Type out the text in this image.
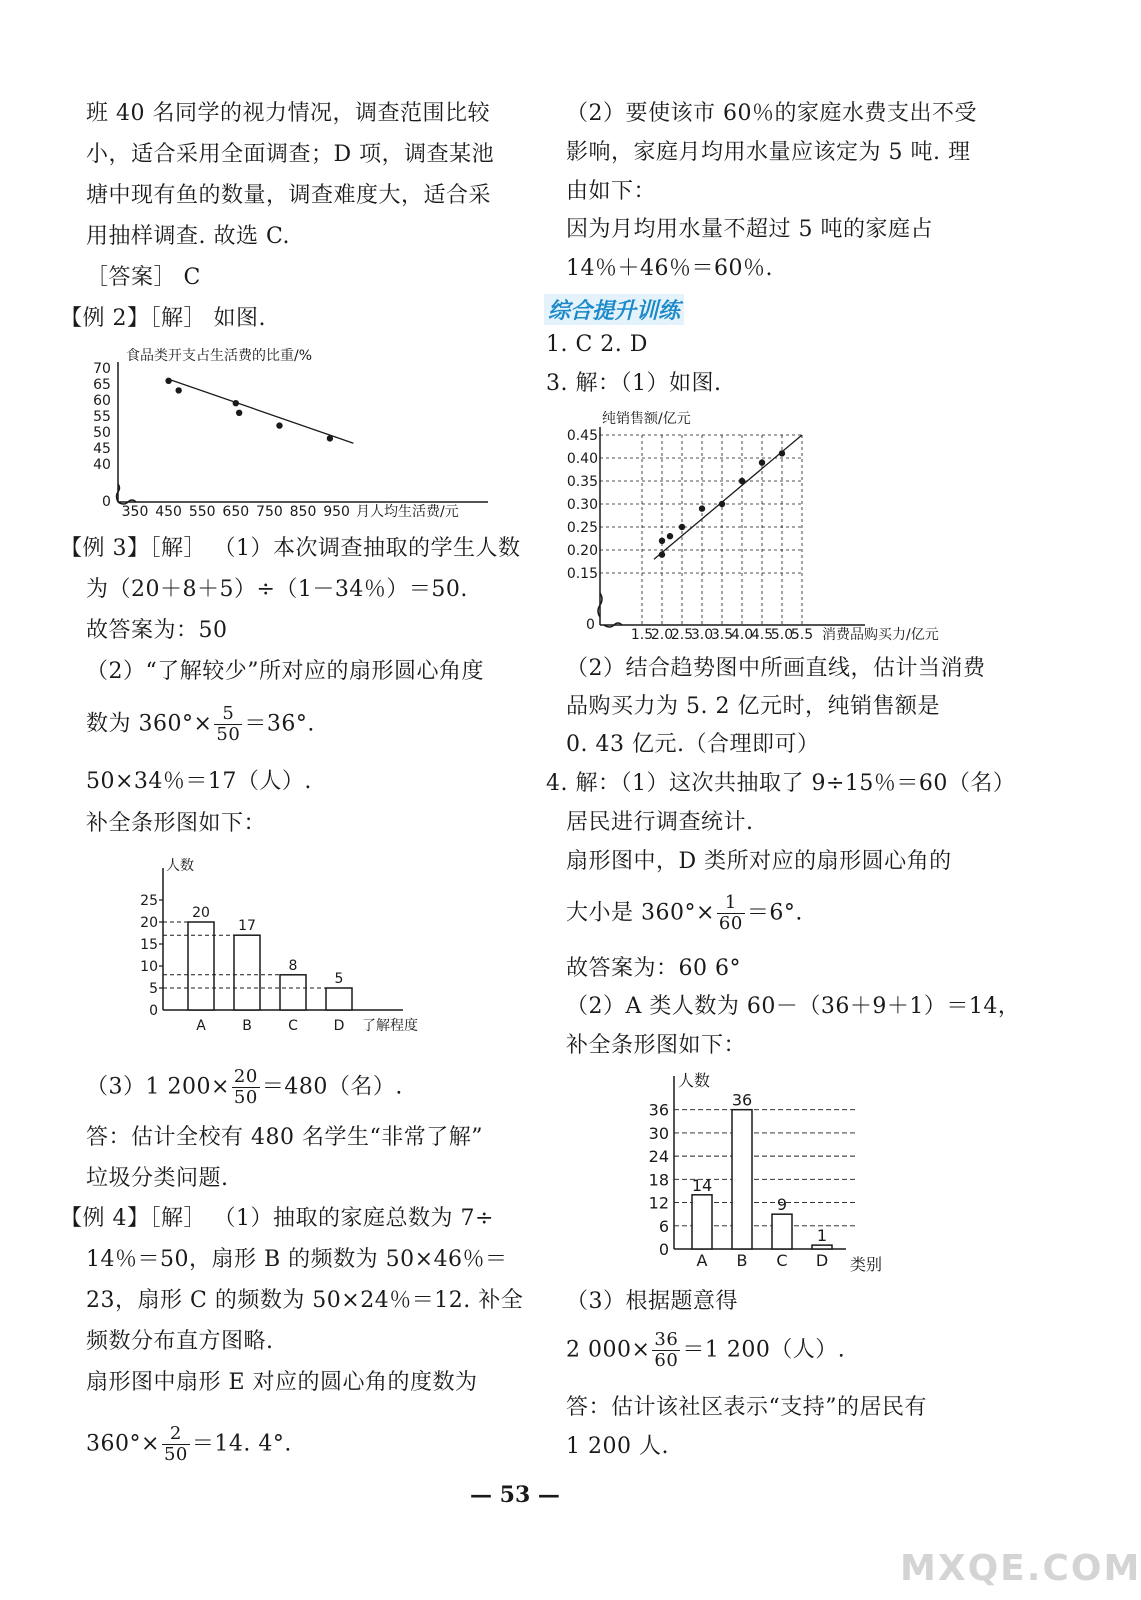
班 40 名同学的视力情况，调查范围比较
小，适合采用全面调查；D 项，调查某池
塘中现有鱼的数量，调查难度大，适合采
用抽样调查. 故选 C.
［答案］ C
【例 2】［解］ 如图.
0
40
45
50
55
60
65
70
350 450 550 650 750 850 950
食品类开支占生活费的比重/%
月人均生活费/元
【例 3】［解］ （1）本次调查抽取的学生人数
为（20＋8＋5）÷（1－34％）＝50.
故答案为：50
（2）“了解较少”所对应的扇形圆心角度
数为 $360^\circ\times \frac{5}{50} =36^\circ$.
50×34％＝17（人）.
补全条形图如下：
人数
了解程度
0
5
10
15
20
25
20
A
17
B
8
C
5
D
（3）1 $200\times \frac{20}{50} =480$（名）.
答：估计全校有 480 名学生“非常了解”
垃圾分类问题.
【例 4】［解］ （1）抽取的家庭总数为 7÷
14％＝50，扇形 B 的频数为 50×46％＝
23，扇形 C 的频数为 50×24％＝12. 补全
频数分布直方图略.
扇形图中扇形 E 对应的圆心角的度数为
$360^\circ\times \frac{2}{50} =14$. 4°.
（2）要使该市 60％的家庭水费支出不受
影响，家庭月均用水量应该定为 5 吨. 理
由如下：
因为月均用水量不超过 5 吨的家庭占
14％＋46％＝60％.
综合提升训练
1. C 2. D
3. 解：（1）如图.
0
纯销售额/亿元
消费品购买力/亿元
0.15
0.20
0.25
0.30
0.35
0.40
0.45
1.5
2.0
2.5
3.0
3.5
4.0
4.5
5.0
5.5
（2）结合趋势图中所画直线，估计当消费
品购买力为 5. 2 亿元时，纯销售额是
0. 43 亿元.（合理即可）
4. 解：（1）这次共抽取了 9÷15％＝60（名）
居民进行调查统计.
扇形图中，D 类所对应的扇形圆心角的
大小是 $360^\circ\times \frac{1}{60} =6^\circ$.
故答案为：60 6°
（2）A 类人数为 60－（36＋9＋1）＝14，
补全条形图如下：
人数
类别
0
6
12
18
24
30
36
14
A
36
B
9
C
1
D
（3）根据题意得
2 $000\times \frac{36}{60} =1$ 200（人）.
答：估计该社区表示“支持”的居民有
1 200 人.
— 53 —
MXQE.COM
